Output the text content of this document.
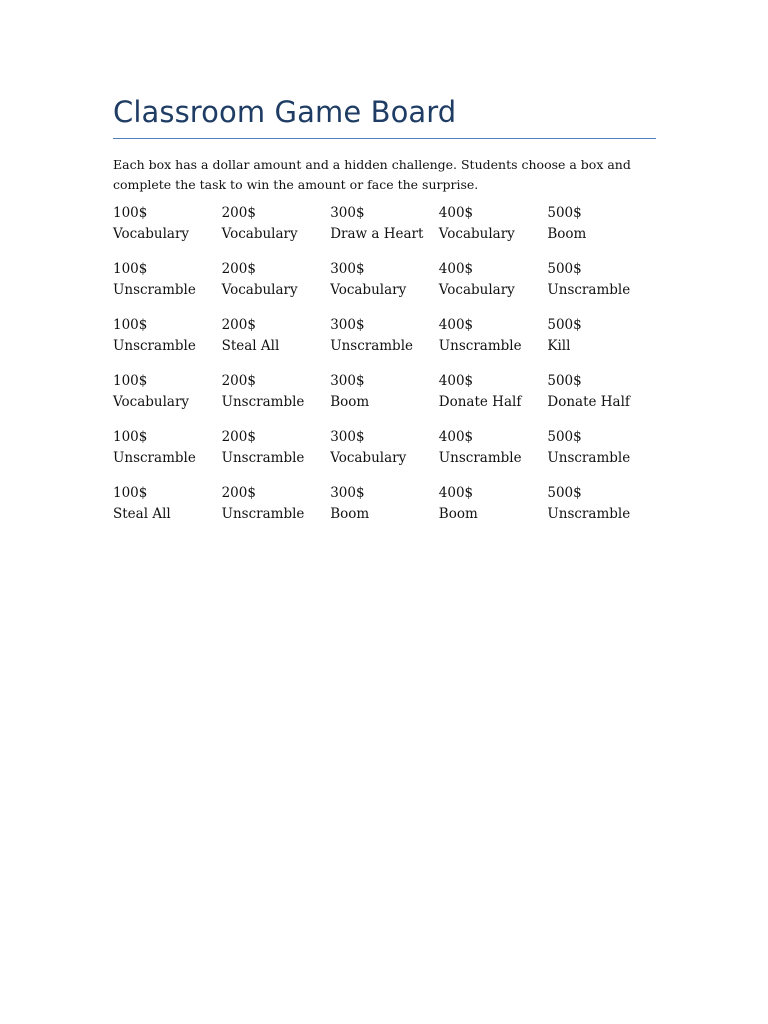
Classroom Game Board

Each box has a dollar amount and a hidden challenge. Students choose a box and complete the task to win the amount or face the surprise.

100$
Vocabulary
200$
Vocabulary
300$
Draw a Heart
400$
Vocabulary
500$
Boom
100$
Unscramble
200$
Vocabulary
300$
Vocabulary
400$
Vocabulary
500$
Unscramble
100$
Unscramble
200$
Steal All
300$
Unscramble
400$
Unscramble
500$
Kill
100$
Vocabulary
200$
Unscramble
300$
Boom
400$
Donate Half
500$
Donate Half
100$
Unscramble
200$
Unscramble
300$
Vocabulary
400$
Unscramble
500$
Unscramble
100$
Steal All
200$
Unscramble
300$
Boom
400$
Boom
500$
Unscramble
